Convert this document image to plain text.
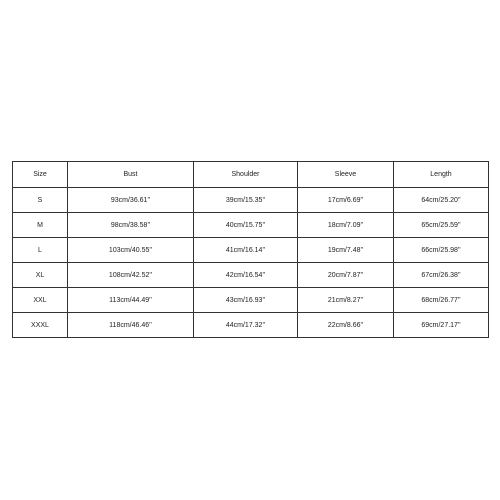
Size	Bust	Shoulder	Sleeve	Length
S	93cm/36.61''	39cm/15.35''	17cm/6.69''	64cm/25.20''
M	98cm/38.58''	40cm/15.75''	18cm/7.09''	65cm/25.59''
L	103cm/40.55''	41cm/16.14''	19cm/7.48''	66cm/25.98''
XL	108cm/42.52''	42cm/16.54''	20cm/7.87''	67cm/26.38''
XXL	113cm/44.49''	43cm/16.93''	21cm/8.27''	68cm/26.77''
XXXL	118cm/46.46''	44cm/17.32''	22cm/8.66''	69cm/27.17''
